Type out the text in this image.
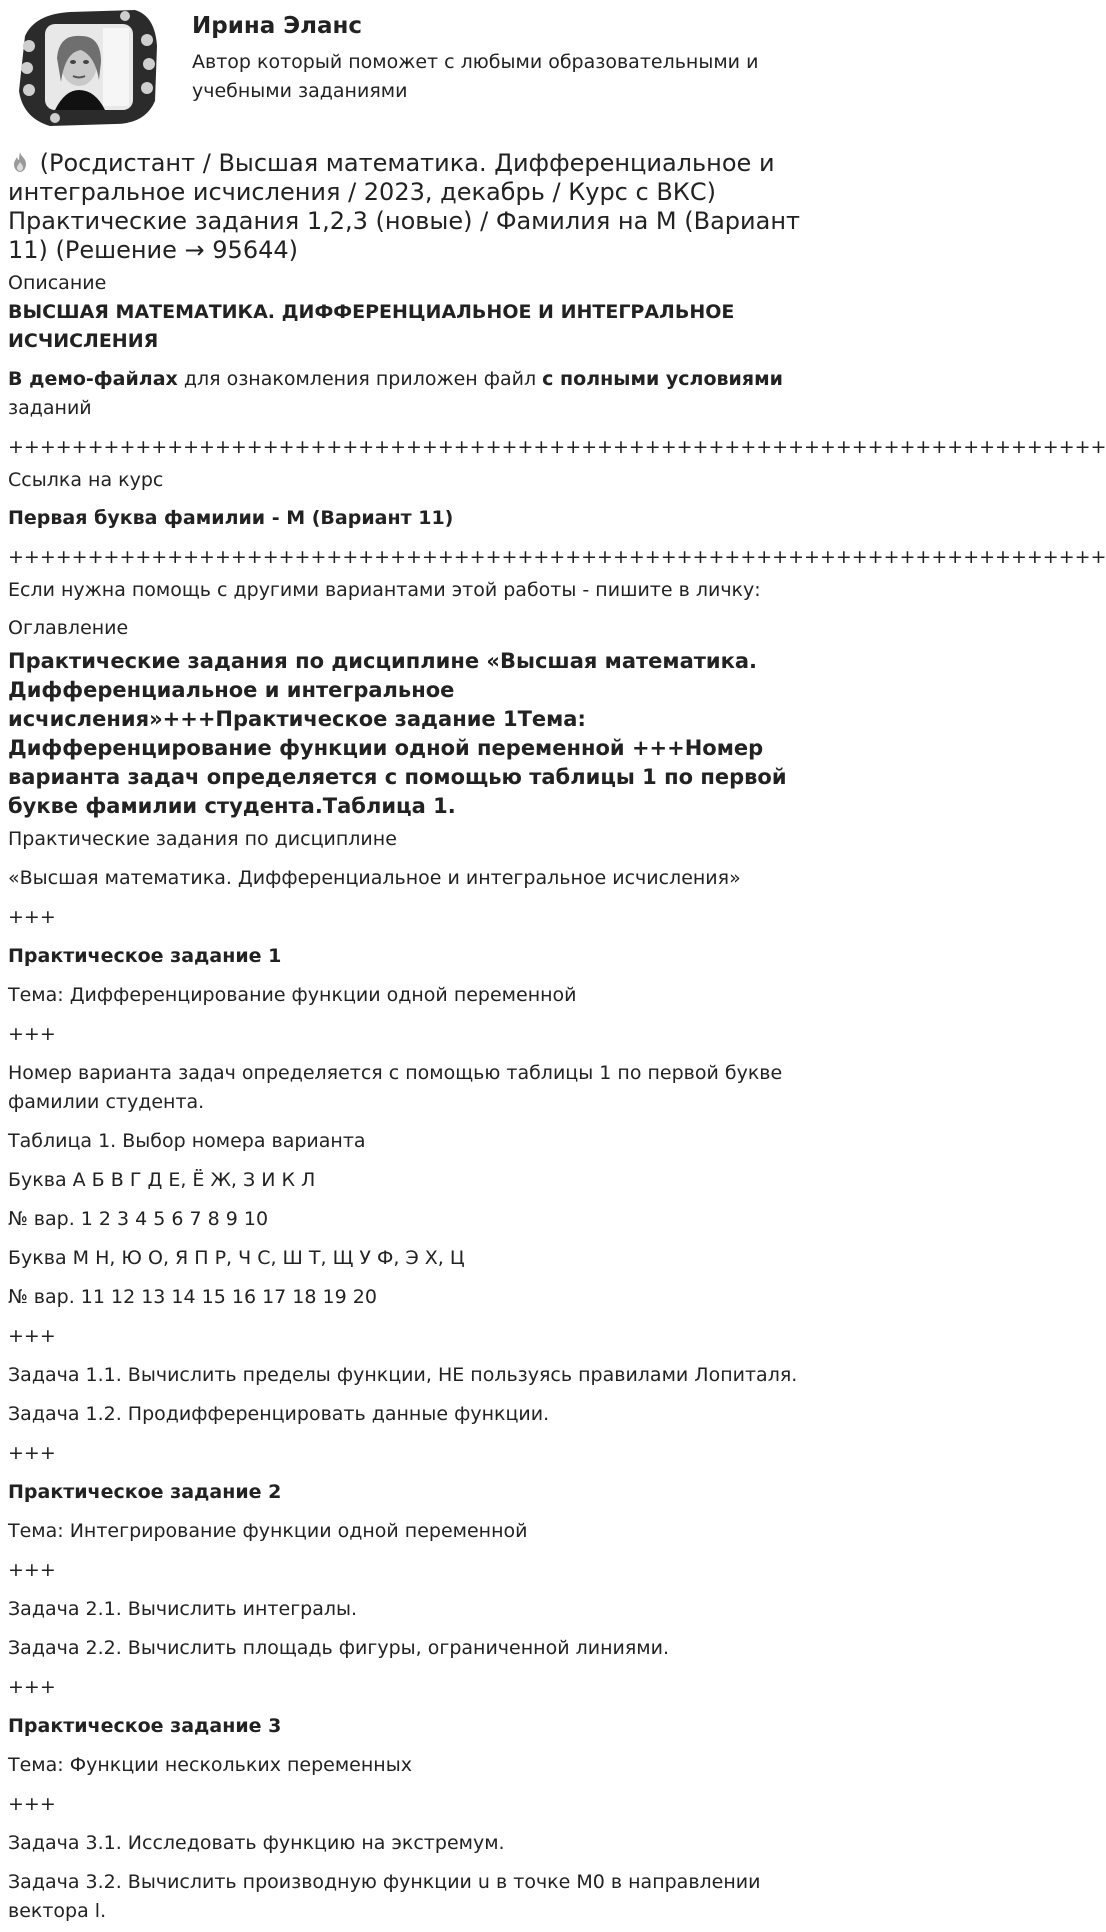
Ирина Эланс
Автор который поможет с любыми образовательными и учебными заданиями
(Росдистант / Высшая математика. Дифференциальное и интегральное исчисления / 2023, декабрь / Курс с ВКС) Практические задания 1,2,3 (новые) / Фамилия на М (Вариант 11) (Решение → 95644)
Описание
ВЫСШАЯ МАТЕМАТИКА. ДИФФЕРЕНЦИАЛЬНОЕ И ИНТЕГРАЛЬНОЕ ИСЧИСЛЕНИЯ

В демо-файлах для ознакомления приложен файл с полными условиями заданий

+++++++++++++++++++++++++++++++++++++++++++++++++++++++++++++++++++++

Ссылка на курс

Первая буква фамилии - М (Вариант 11)

+++++++++++++++++++++++++++++++++++++++++++++++++++++++++++++++++++++

Если нужна помощь с другими вариантами этой работы - пишите в личку:

Оглавление
Практические задания по дисциплине «Высшая математика. Дифференциальное и интегральное исчисления»+++Практическое задание 1Тема: Дифференцирование функции одной переменной +++Номер варианта задач определяется с помощью таблицы 1 по первой букве фамилии студента.Таблица 1.

Практические задания по дисциплине

«Высшая математика. Дифференциальное и интегральное исчисления»

+++

Практическое задание 1

Тема: Дифференцирование функции одной переменной

+++

Номер варианта задач определяется с помощью таблицы 1 по первой букве фамилии студента.

Таблица 1. Выбор номера варианта

Буква А Б В Г Д Е, Ё Ж, З И К Л

№ вар. 1 2 3 4 5 6 7 8 9 10

Буква М Н, Ю О, Я П Р, Ч С, Ш Т, Щ У Ф, Э Х, Ц

№ вар. 11 12 13 14 15 16 17 18 19 20

+++

Задача 1.1. Вычислить пределы функции, НЕ пользуясь правилами Лопиталя.

Задача 1.2. Продифференцировать данные функции.

+++

Практическое задание 2

Тема: Интегрирование функции одной переменной

+++

Задача 2.1. Вычислить интегралы.

Задача 2.2. Вычислить площадь фигуры, ограниченной линиями.

+++

Практическое задание 3

Тема: Функции нескольких переменных

+++

Задача 3.1. Исследовать функцию на экстремум.

Задача 3.2. Вычислить производную функции u в точке M0 в направлении вектора l.
